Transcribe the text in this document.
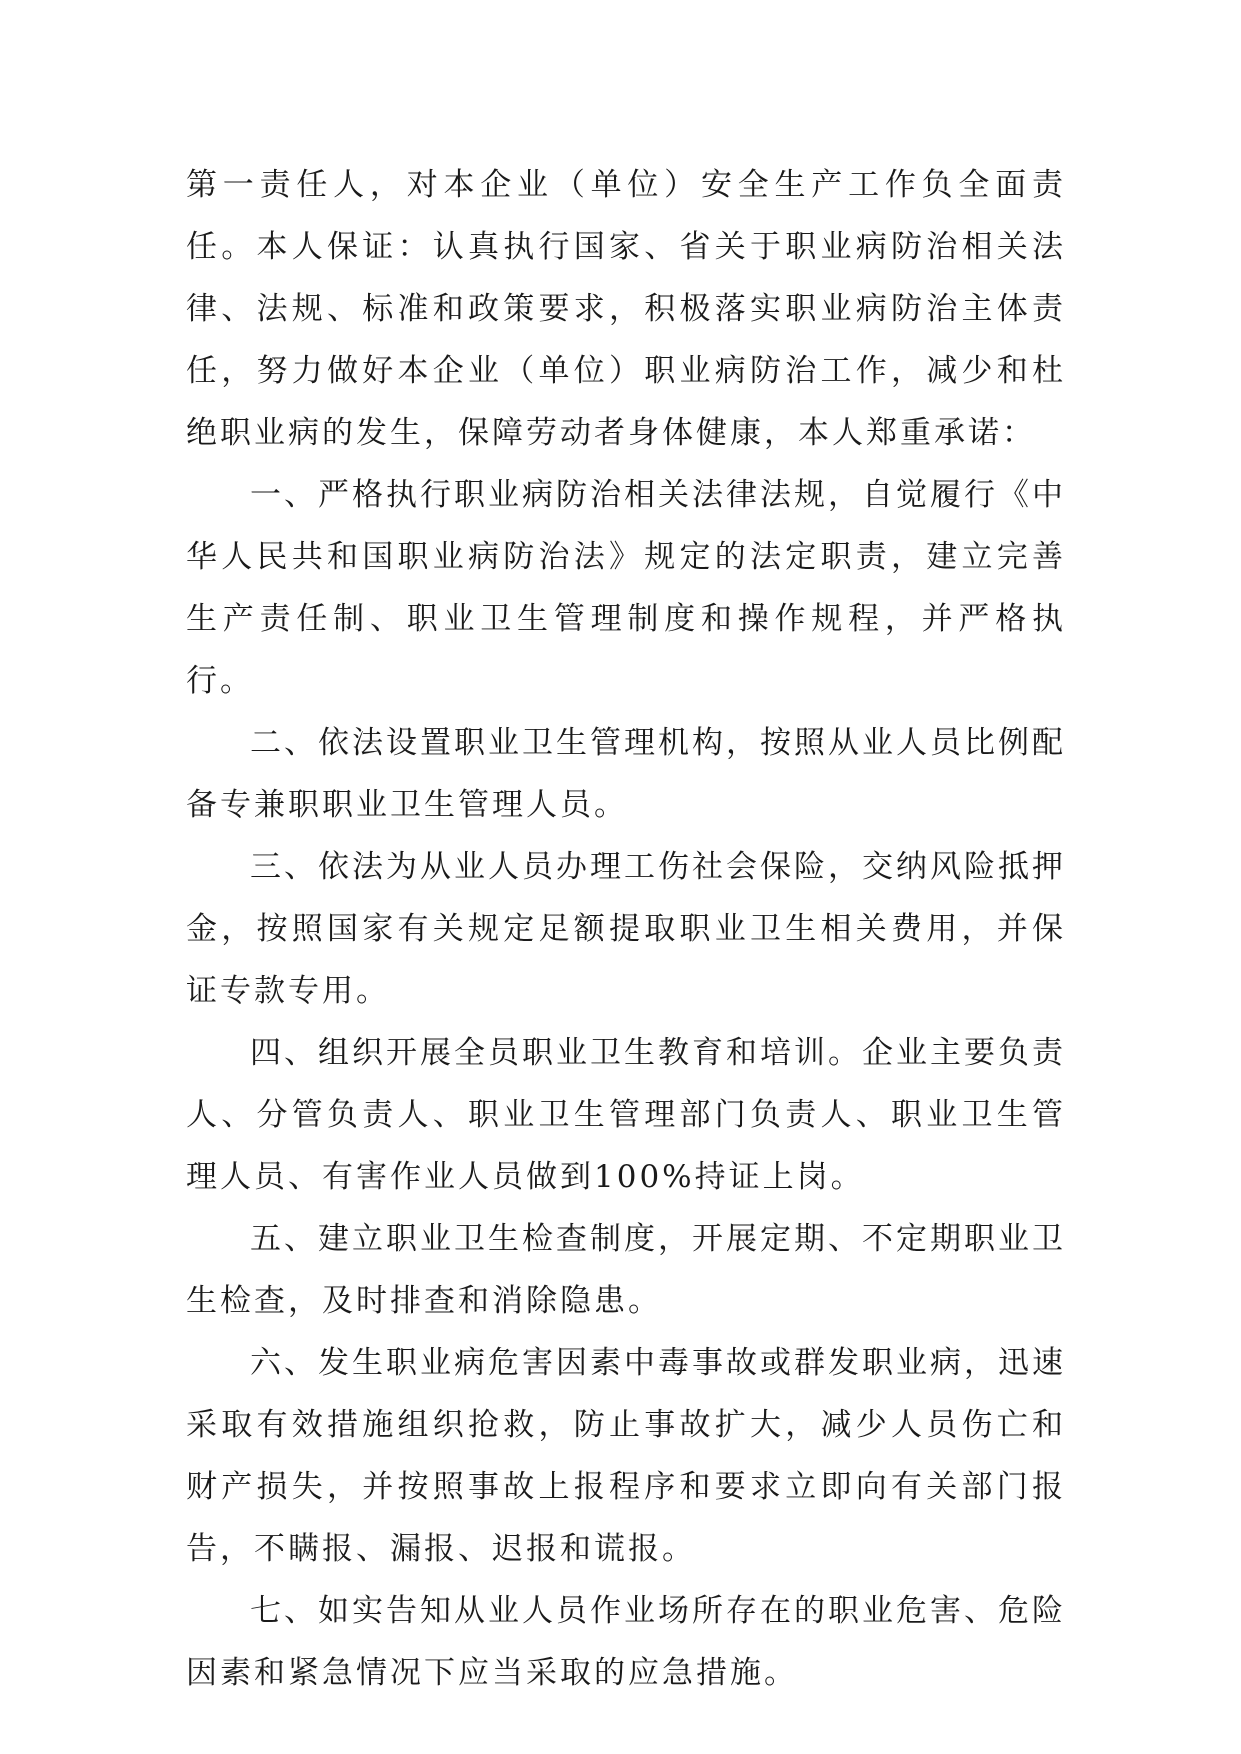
第一责任人，对本企业（单位）安全生产工作负全面责任。本人保证：认真执行国家、省关于职业病防治相关法律、法规、标准和政策要求，积极落实职业病防治主体责任，努力做好本企业（单位）职业病防治工作，减少和杜绝职业病的发生，保障劳动者身体健康，本人郑重承诺：

一、严格执行职业病防治相关法律法规，自觉履行《中华人民共和国职业病防治法》规定的法定职责，建立完善生产责任制、职业卫生管理制度和操作规程，并严格执行。

二、依法设置职业卫生管理机构，按照从业人员比例配备专兼职职业卫生管理人员。

三、依法为从业人员办理工伤社会保险，交纳风险抵押金，按照国家有关规定足额提取职业卫生相关费用，并保证专款专用。

四、组织开展全员职业卫生教育和培训。企业主要负责人、分管负责人、职业卫生管理部门负责人、职业卫生管理人员、有害作业人员做到100%持证上岗。

五、建立职业卫生检查制度，开展定期、不定期职业卫生检查，及时排查和消除隐患。

六、发生职业病危害因素中毒事故或群发职业病，迅速采取有效措施组织抢救，防止事故扩大，减少人员伤亡和财产损失，并按照事故上报程序和要求立即向有关部门报告，不瞒报、漏报、迟报和谎报。

七、如实告知从业人员作业场所存在的职业危害、危险因素和紧急情况下应当采取的应急措施。
